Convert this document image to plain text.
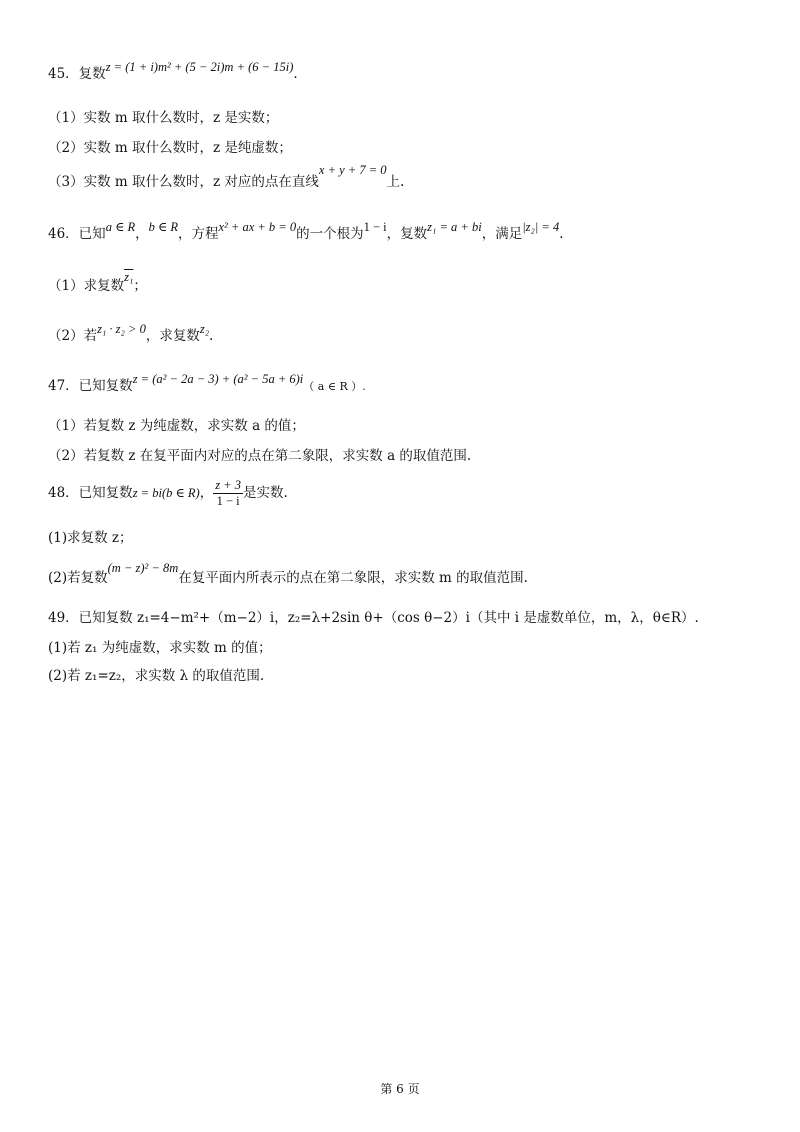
45．复数z = (1 + i)m² + (5 − 2i)m + (6 − 15i).
（1）实数 m 取什么数时，z 是实数；
（2）实数 m 取什么数时，z 是纯虚数；
（3）实数 m 取什么数时，z 对应的点在直线x + y + 7 = 0上.
46．已知a ∈ R，b ∈ R，方程x² + ax + b = 0的一个根为1 − i，复数z₁ = a + bi，满足|z₂| = 4.
（1）求复数z₁；
（2）若z₁ · z₂ > 0，求复数z₂.
47．已知复数z = (a² − 2a − 3) + (a² − 5a + 6)i（ a ∈ R ）.
（1）若复数 z 为纯虚数，求实数 a 的值；
（2）若复数 z 在复平面内对应的点在第二象限，求实数 a 的取值范围.
48．已知复数z = bi(b ∈ R)， $\frac{z + 3}{1 - i}$ 是实数.
(1)求复数 z；
(2)若复数(m − z)² − 8m在复平面内所表示的点在第二象限，求实数 m 的取值范围.
49．已知复数 z₁=4−m²+（m−2）i，z₂=λ+2sin θ+（cos θ−2）i（其中 i 是虚数单位，m，λ，θ∈R）.
(1)若 z₁ 为纯虚数，求实数 m 的值；
(2)若 z₁=z₂，求实数 λ 的取值范围.
第 6 页
